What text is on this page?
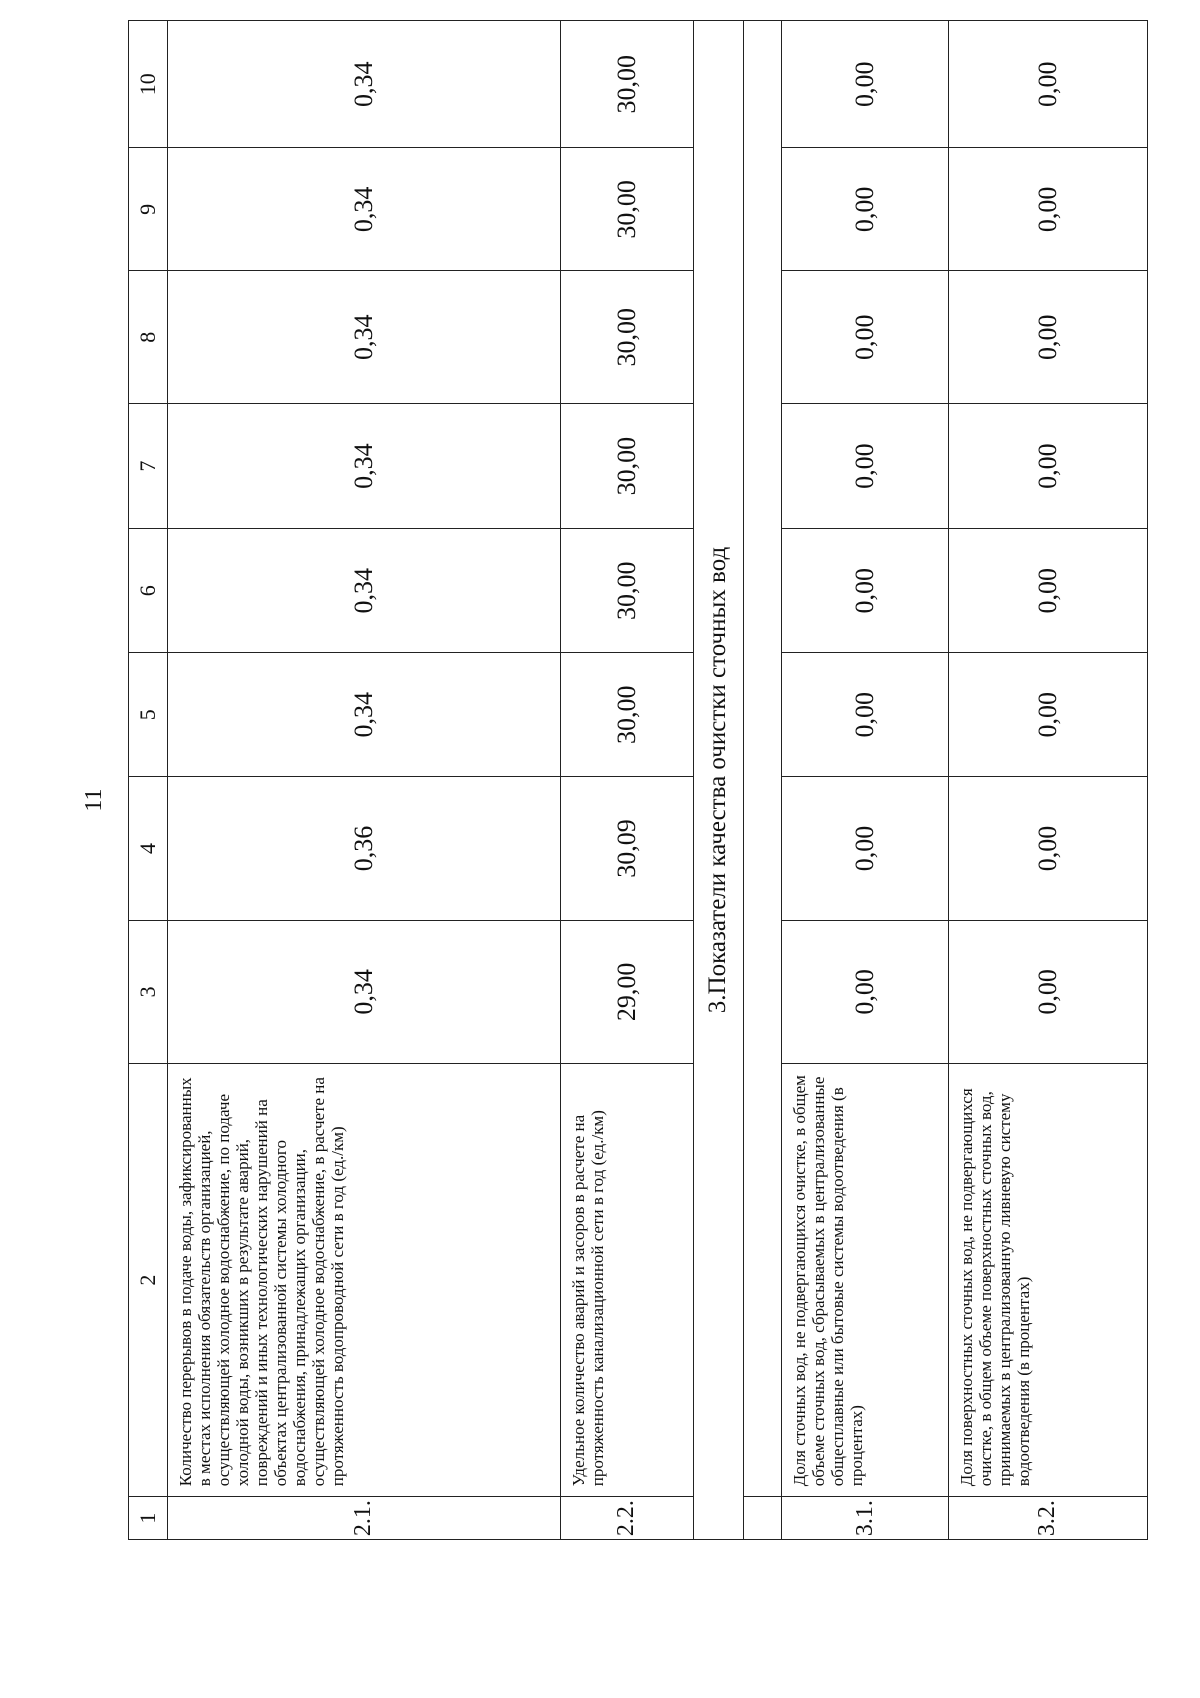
11
1	2	3	4	5	6	7	8	9	10
2.1.	Количество перерывов в подаче воды, зафиксированных в местах исполнения обязательств организацией, осуществляющей холодное водоснабжение, по подаче холодной воды, возникших в результате аварий, повреждений и иных технологических нарушений на объектах централизованной системы холодного водоснабжения, принадлежащих организации, осуществляющей холодное водоснабжение, в расчете на протяженность водопроводной сети в год (ед./км)	0,34	0,36	0,34	0,34	0,34	0,34	0,34	0,34
2.2.	Удельное количество аварий и засоров в расчете на протяженность канализационной сети в год (ед./км)	29,00	30,09	30,00	30,00	30,00	30,00	30,00	30,00
3.Показатели качества очистки сточных вод									

3.1.	Доля сточных вод, не подвергающихся очистке, в общем объеме сточных вод, сбрасываемых в централизованные общесплавные или бытовые системы водоотведения (в процентах)	0,00	0,00	0,00	0,00	0,00	0,00	0,00	0,00
3.2.	Доля поверхностных сточных вод, не подвергающихся очистке, в общем объеме поверхностных сточных вод, принимаемых в централизованную ливневую систему водоотведения (в процентах)	0,00	0,00	0,00	0,00	0,00	0,00	0,00	0,00
